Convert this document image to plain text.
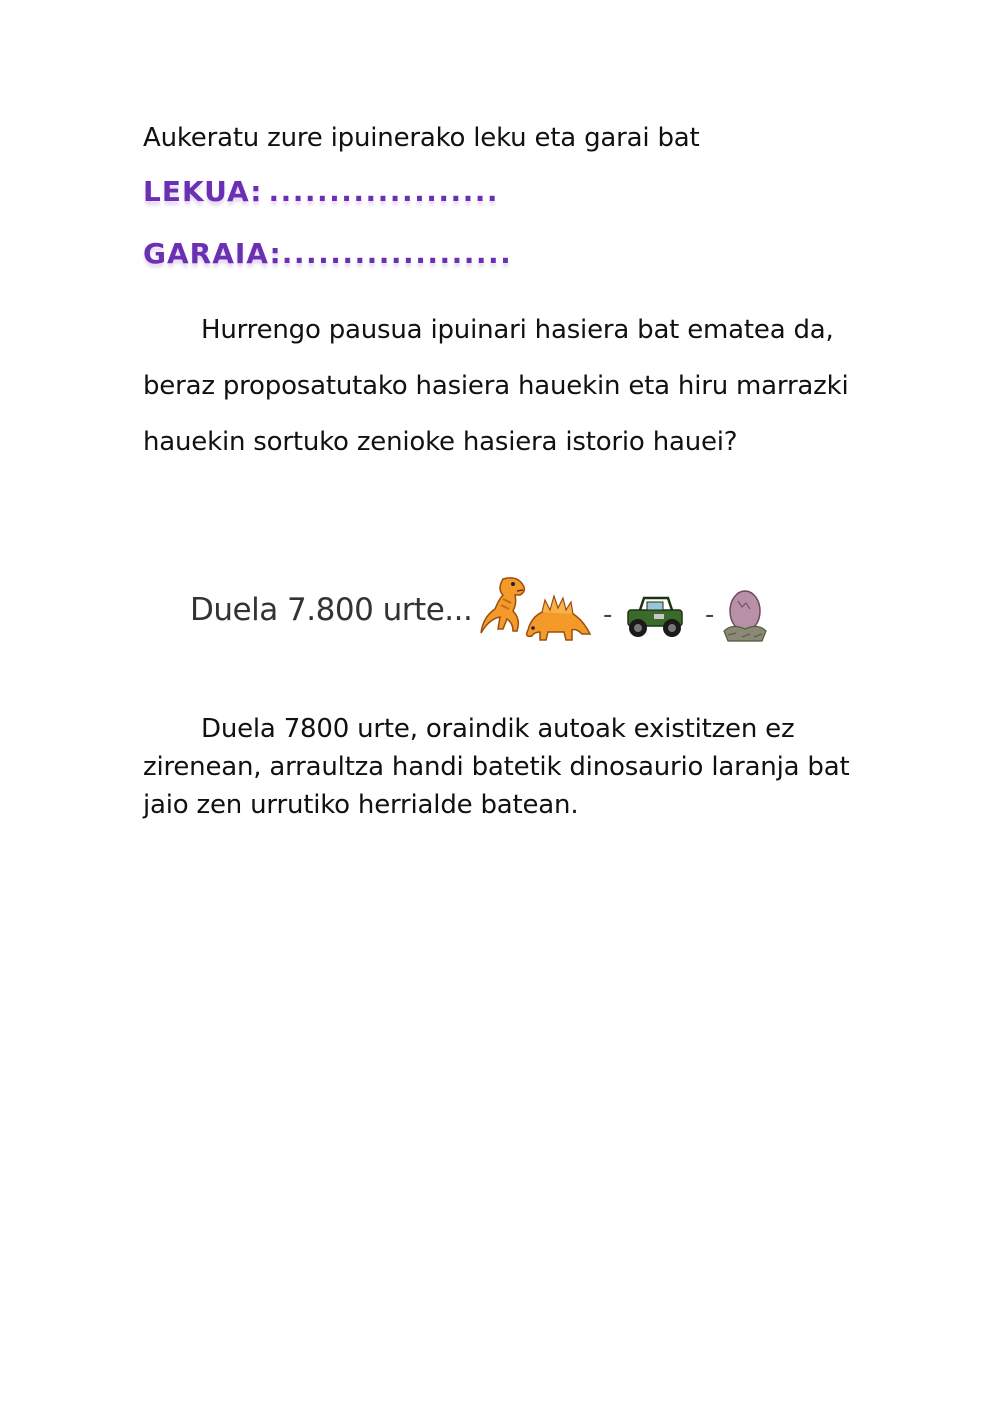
Aukeratu zure ipuinerako leku eta garai bat
LEKUA: ...................
GARAIA:...................
Hurrengo pausua ipuinari hasiera bat ematea da, beraz proposatutako hasiera hauekin eta hiru marrazki hauekin sortuko zenioke hasiera istorio hauei?
Duela 7.800 urte...	-	-
Duela 7800 urte, oraindik autoak existitzen ez zirenean, arraultza handi batetik dinosaurio laranja bat jaio zen urrutiko herrialde batean.
